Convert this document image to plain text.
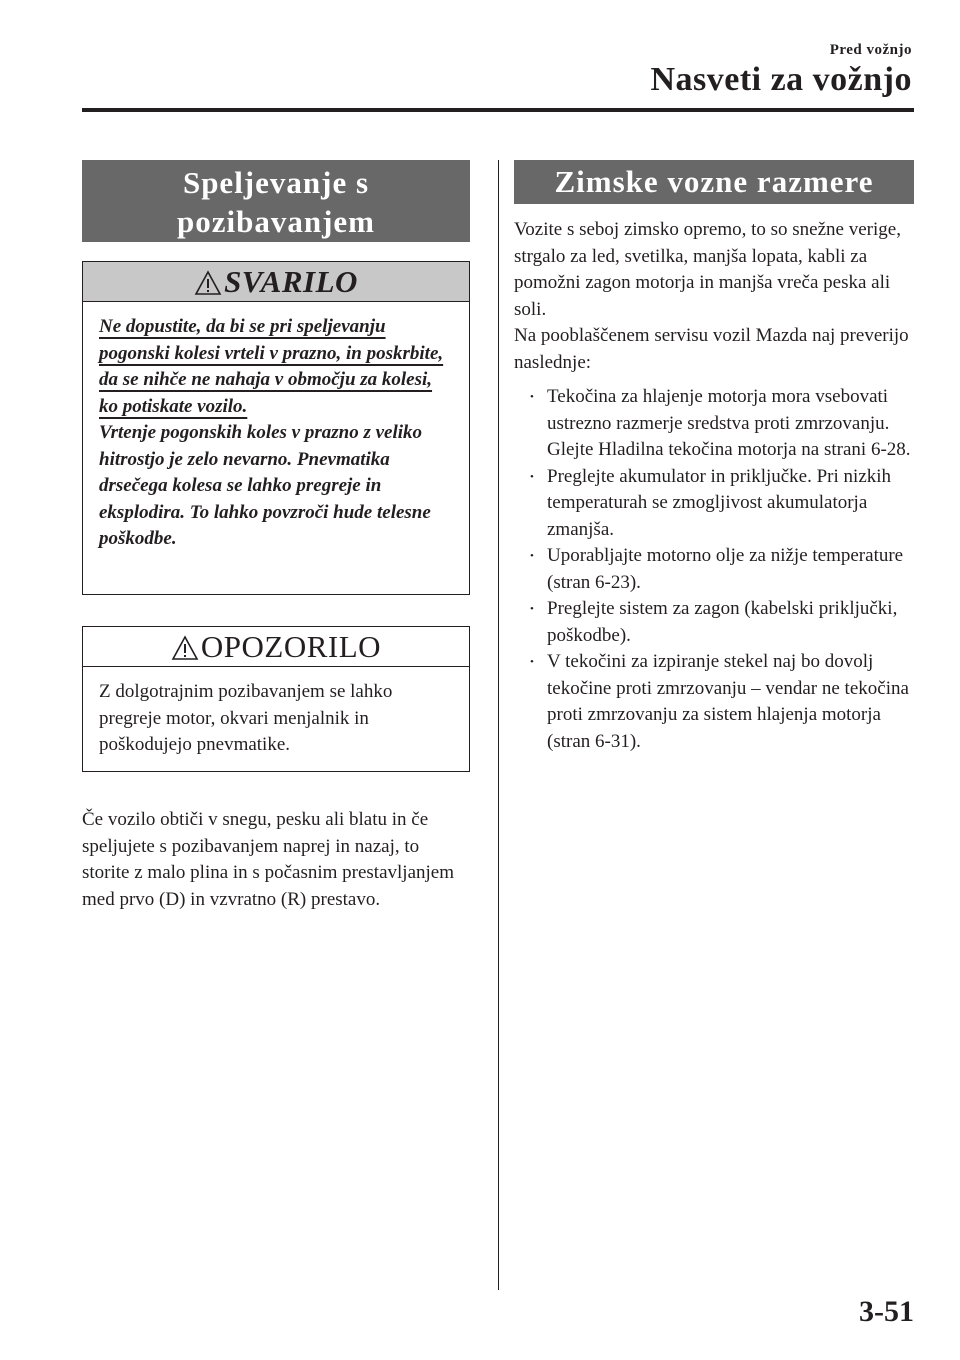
Pred vožnjo
Nasveti za vožnjo
Speljevanje s
pozibavanjem
SVARILO
Ne dopustite, da bi se pri speljevanju pogonski kolesi vrteli v prazno, in poskrbite, da se nihče ne nahaja v območju za kolesi, ko potiskate vozilo.
Vrtenje pogonskih koles v prazno z veliko hitrostjo je zelo nevarno. Pnevmatika drsečega kolesa se lahko pregreje in eksplodira. To lahko povzroči hude telesne poškodbe.
OPOZORILO
Z dolgotrajnim pozibavanjem se lahko pregreje motor, okvari menjalnik in poškodujejo pnevmatike.
Če vozilo obtiči v snegu, pesku ali blatu in če speljujete s pozibavanjem naprej in nazaj, to storite z malo plina in s počasnim prestavljanjem med prvo (D) in vzvratno (R) prestavo.
Zimske vozne razmere
Vozite s seboj zimsko opremo, to so snežne verige, strgalo za led, svetilka, manjša lopata, kabli za pomožni zagon motorja in manjša vreča peska ali soli.
Na pooblaščenem servisu vozil Mazda naj preverijo naslednje:
• Tekočina za hlajenje motorja mora vsebovati ustrezno razmerje sredstva proti zmrzovanju.
Glejte Hladilna tekočina motorja na strani 6-28.
• Preglejte akumulator in priključke. Pri nizkih temperaturah se zmogljivost akumulatorja zmanjša.
• Uporabljajte motorno olje za nižje temperature (stran 6-23).
• Preglejte sistem za zagon (kabelski priključki, poškodbe).
• V tekočini za izpiranje stekel naj bo dovolj tekočine proti zmrzovanju – vendar ne tekočina proti zmrzovanju za sistem hlajenja motorja (stran 6-31).
3-51
